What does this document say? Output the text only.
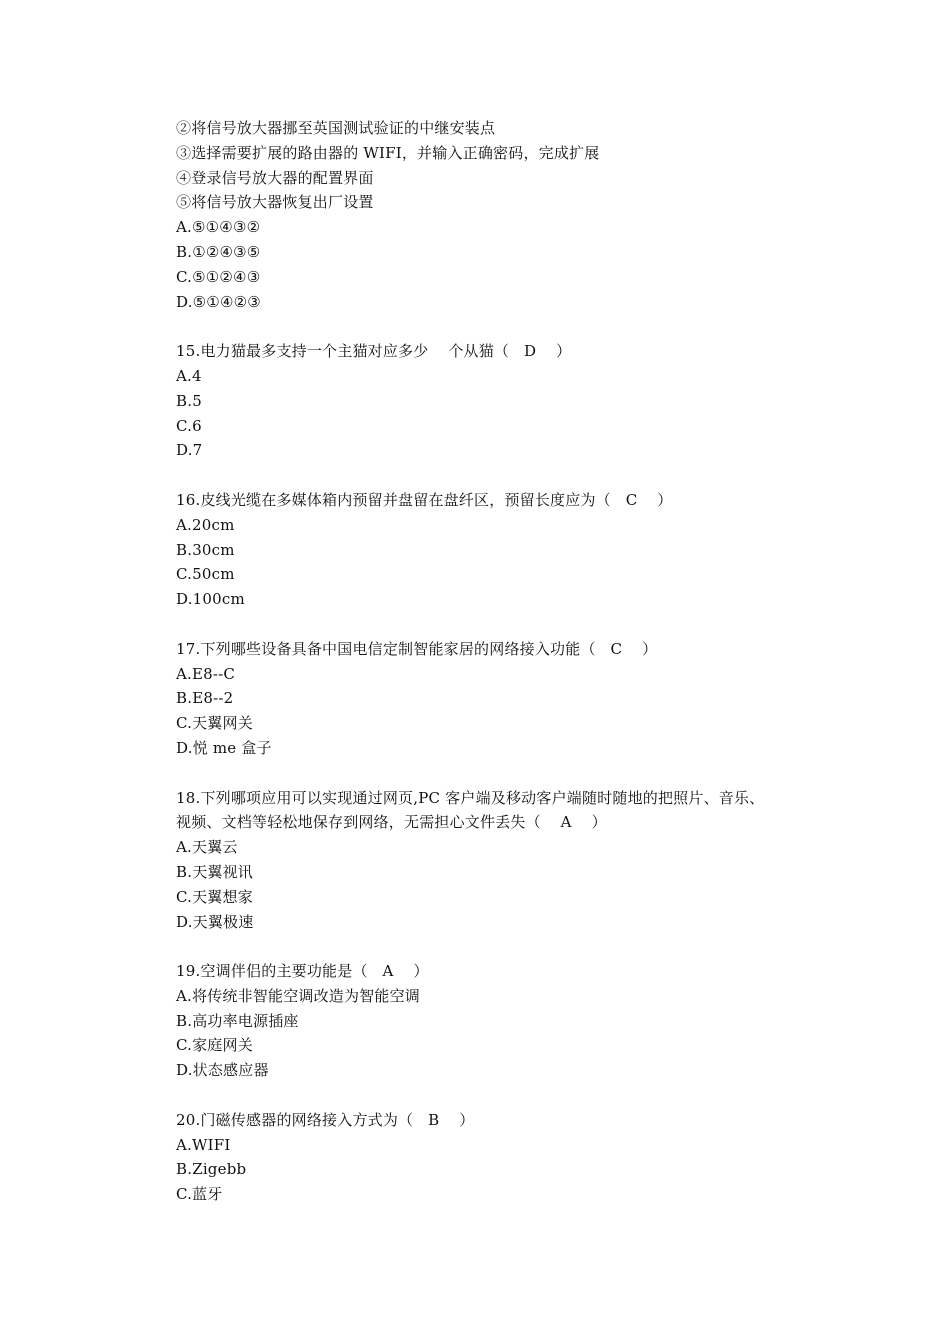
②将信号放大器挪至英国测试验证的中继安装点
③选择需要扩展的路由器的 WIFI，并输入正确密码，完成扩展
④登录信号放大器的配置界面
⑤将信号放大器恢复出厂设置
A.⑤①④③②
B.①②④③⑤
C.⑤①②④③
D.⑤①④②③
15.电力猫最多支持一个主猫对应多少    个从猫（   D    ）
A.4
B.5
C.6
D.7
16.皮线光缆在多媒体箱内预留并盘留在盘纤区，预留长度应为（   C    ）
A.20cm
B.30cm
C.50cm
D.100cm
17.下列哪些设备具备中国电信定制智能家居的网络接入功能（   C    ）
A.E8--C
B.E8--2
C.天翼网关
D.悦 me 盒子
18.下列哪项应用可以实现通过网页,PC 客户端及移动客户端随时随地的把照片、音乐、
视频、文档等轻松地保存到网络，无需担心文件丢失（    A    ）
A.天翼云
B.天翼视讯
C.天翼想家
D.天翼极速
19.空调伴侣的主要功能是（   A    ）
A.将传统非智能空调改造为智能空调
B.高功率电源插座
C.家庭网关
D.状态感应器
20.门磁传感器的网络接入方式为（   B    ）
A.WIFI
B.Zigebb
C.蓝牙
